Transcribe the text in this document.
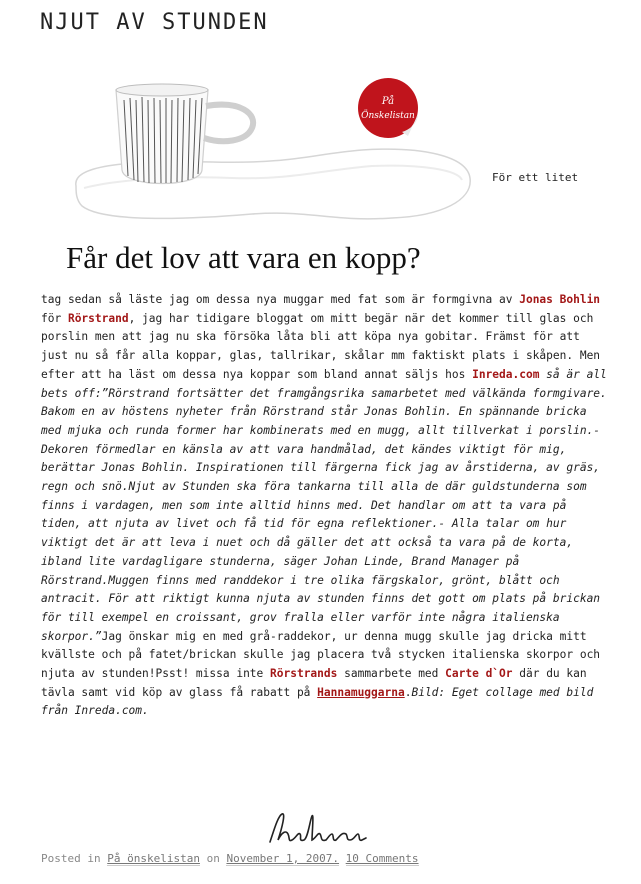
NJUT AV STUNDEN
På
Önskelistan
För ett litet
Får det lov att vara en kopp?

tag sedan så läste jag om dessa nya muggar med fat som är formgivna av Jonas Bohlin för Rörstrand, jag har tidigare bloggat om mitt begär när det kommer till glas och porslin men att jag nu ska försöka låta bli att köpa nya gobitar. Främst för att just nu så får alla koppar, glas, tallrikar, skålar mm faktiskt plats i skåpen. Men efter att ha läst om dessa nya koppar som bland annat säljs hos Inreda.com så är all bets off:”Rörstrand fortsätter det framgångsrika samarbetet med välkända formgivare. Bakom en av höstens nyheter från Rörstrand står Jonas Bohlin. En spännande bricka med mjuka och runda former har kombinerats med en mugg, allt tillverkat i porslin.- Dekoren förmedlar en känsla av att vara handmålad, det kändes viktigt för mig, berättar Jonas Bohlin. Inspirationen till färgerna fick jag av årstiderna, av gräs, regn och snö.Njut av Stunden ska föra tankarna till alla de där guldstunderna som finns i vardagen, men som inte alltid hinns med. Det handlar om att ta vara på tiden, att njuta av livet och få tid för egna reflektioner.- Alla talar om hur viktigt det är att leva i nuet och då gäller det att också ta vara på de korta, ibland lite vardagligare stunderna, säger Johan Linde, Brand Manager på Rörstrand.Muggen finns med randdekor i tre olika färgskalor, grönt, blått och antracit. För att riktigt kunna njuta av stunden finns det gott om plats på brickan för till exempel en croissant, grov fralla eller varför inte några italienska skorpor.”Jag önskar mig en med grå-raddekor, ur denna mugg skulle jag dricka mitt kvällste och på fatet/brickan skulle jag placera två stycken italienska skorpor och njuta av stunden!Psst! missa inte Rörstrands sammarbete med Carte d`Or där du kan tävla samt vid köp av glass få rabatt på Hannamuggarna.Bild: Eget collage med bild från Inreda.com.

Posted in På önskelistan on November 1, 2007. 10 Comments
